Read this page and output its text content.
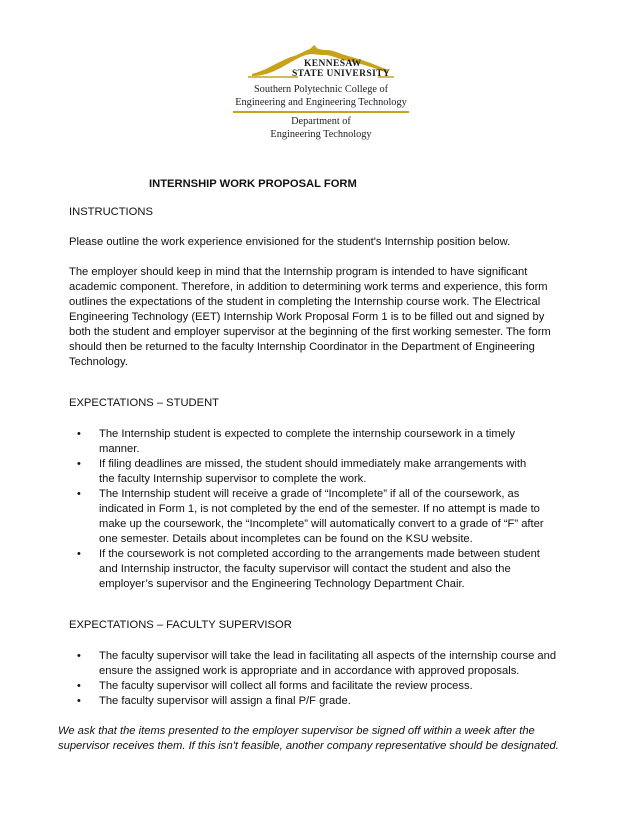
KENNESAW
STATE UNIVERSITY
Southern Polytechnic College of
Engineering and Engineering Technology
Department of
Engineering Technology
INTERNSHIP WORK PROPOSAL FORM
INSTRUCTIONS

Please outline the work experience envisioned for the student's Internship position below.

The employer should keep in mind that the Internship program is intended to have significant academic component. Therefore, in addition to determining work terms and experience, this form outlines the expectations of the student in completing the Internship course work. The Electrical Engineering Technology (EET) Internship Work Proposal Form 1 is to be filled out and signed by both the student and employer supervisor at the beginning of the first working semester. The form should then be returned to the faculty Internship Coordinator in the Department of Engineering Technology.

EXPECTATIONS – STUDENT
• The Internship student is expected to complete the internship coursework in a timely manner.
• If filing deadlines are missed, the student should immediately make arrangements with the faculty Internship supervisor to complete the work.
• The Internship student will receive a grade of “Incomplete” if all of the coursework, as indicated in Form 1, is not completed by the end of the semester. If no attempt is made to make up the coursework, the “Incomplete” will automatically convert to a grade of “F” after one semester. Details about incompletes can be found on the KSU website.
• If the coursework is not completed according to the arrangements made between student and Internship instructor, the faculty supervisor will contact the student and also the employer’s supervisor and the Engineering Technology Department Chair.
EXPECTATIONS – FACULTY SUPERVISOR
• The faculty supervisor will take the lead in facilitating all aspects of the internship course and ensure the assigned work is appropriate and in accordance with approved proposals.
• The faculty supervisor will collect all forms and facilitate the review process.
• The faculty supervisor will assign a final P/F grade.

We ask that the items presented to the employer supervisor be signed off within a week after the supervisor receives them. If this isn't feasible, another company representative should be designated.
